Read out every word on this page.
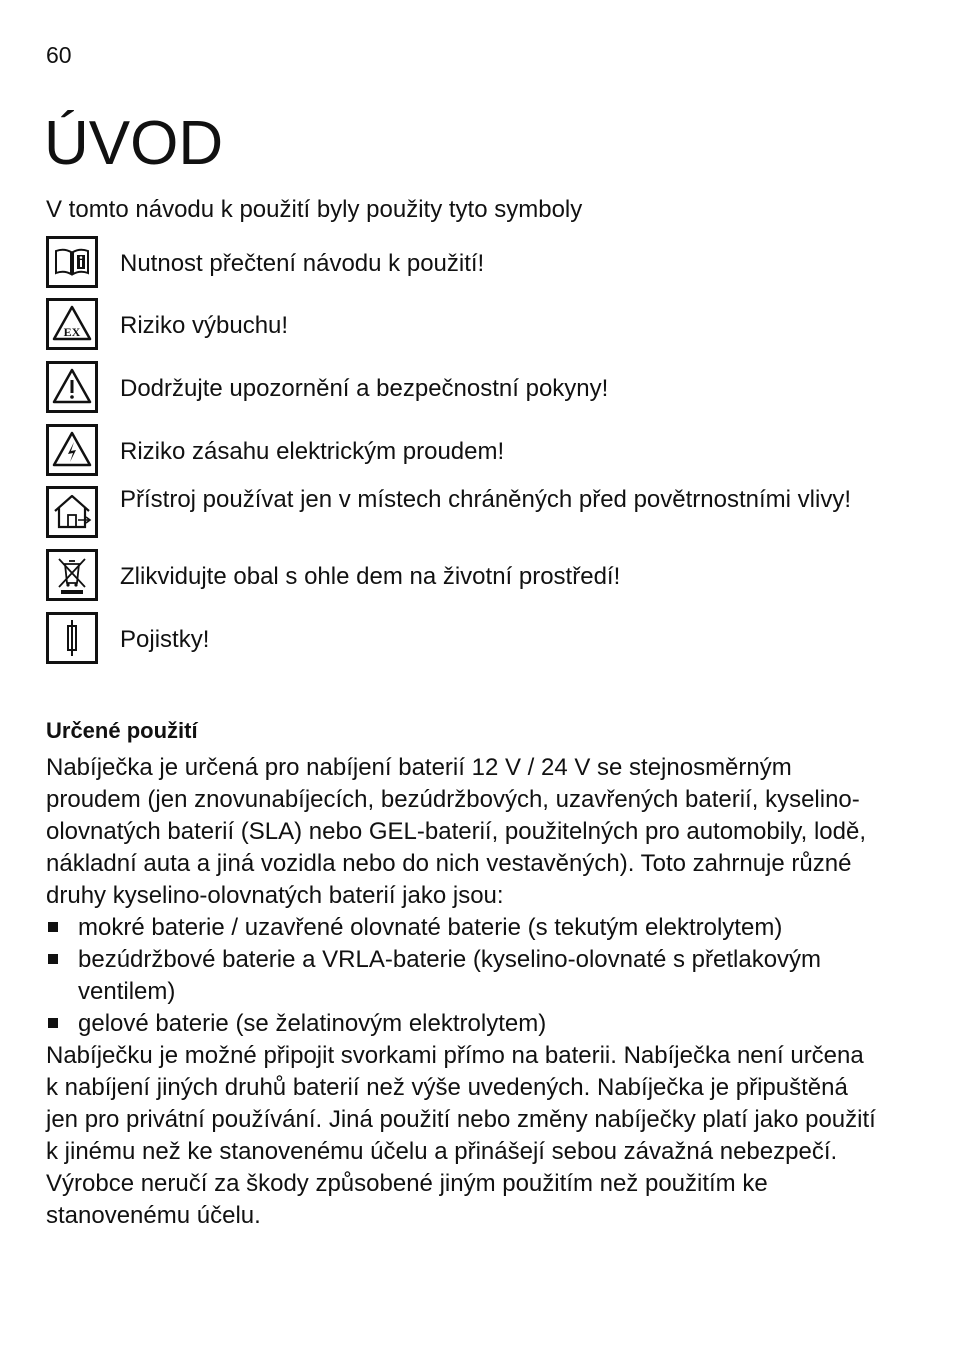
60
ÚVOD
V tomto návodu k použití byly použity tyto symboly
Nutnost přečtení návodu k použití!
EX Riziko výbuchu!
Dodržujte upozornění a bezpečnostní pokyny!
Riziko zásahu elektrickým proudem!
Přístroj používat jen v místech chráněných před povětrnostními vlivy!
Zlikvidujte obal s ohle dem na životní prostředí!
Pojistky!
Určené použití

Nabíječka je určená pro nabíjení baterií 12 V / 24 V se stejnosměrným proudem (jen znovunabíjecích, bezúdržbových, uzavřených baterií, kyselino-olovnatých baterií (SLA) nebo GEL-baterií, použitelných pro automobily, lodě, nákladní auta a jiná vozidla nebo do nich vestavěných). Toto zahrnuje různé druhy kyselino-olovnatých baterií jako jsou:

mokré baterie / uzavřené olovnaté baterie (s tekutým elektrolytem)
bezúdržbové baterie a VRLA-baterie (kyselino-olovnaté s přetlakovým ventilem)
gelové baterie (se želatinovým elektrolytem)

Nabíječku je možné připojit svorkami přímo na baterii. Nabíječka není určena k nabíjení jiných druhů baterií než výše uvedených. Nabíječka je připuštěná jen pro privátní používání. Jiná použití nebo změny nabíječky platí jako použití k jinému než ke stanovenému účelu a přinášejí sebou závažná nebezpečí. Výrobce neručí za škody způsobené jiným použitím než použitím ke stanovenému účelu.
